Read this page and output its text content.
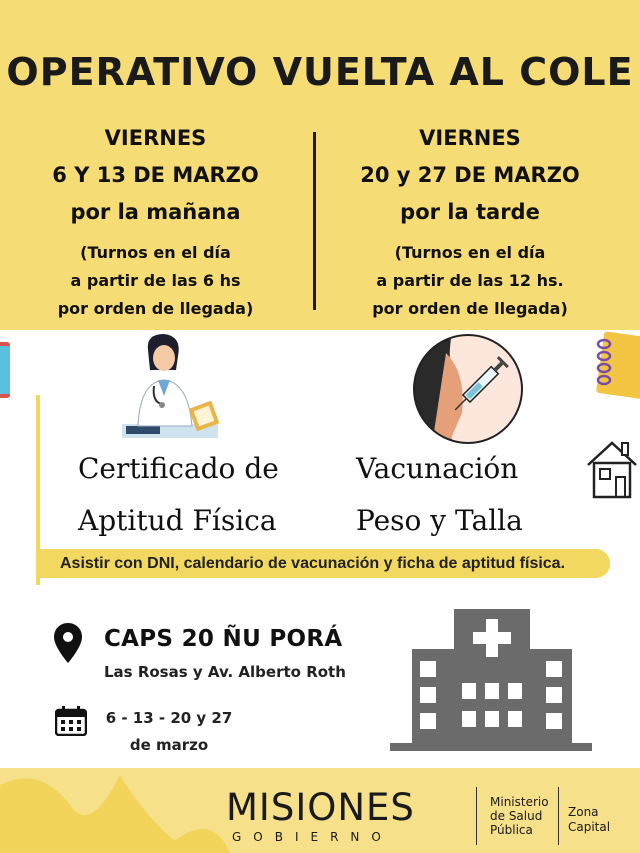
OPERATIVO VUELTA AL COLE
VIERNES
6 Y 13 DE MARZO
por la mañana
(Turnos en el día
a partir de las 6 hs
por orden de llegada)
VIERNES
20 y 27 DE MARZO
por la tarde
(Turnos en el día
a partir de las 12 hs.
por orden de llegada)
Certificado de
Aptitud Física
Vacunación
Peso y Talla
Asistir con DNI, calendario de vacunación y ficha de aptitud física.
CAPS 20 ÑU PORÁ
Las Rosas y Av. Alberto Roth
6 - 13 - 20 y 27
de marzo
MISIONES
GOBIERNO
Ministerio
de Salud
Pública
Zona
Capital
